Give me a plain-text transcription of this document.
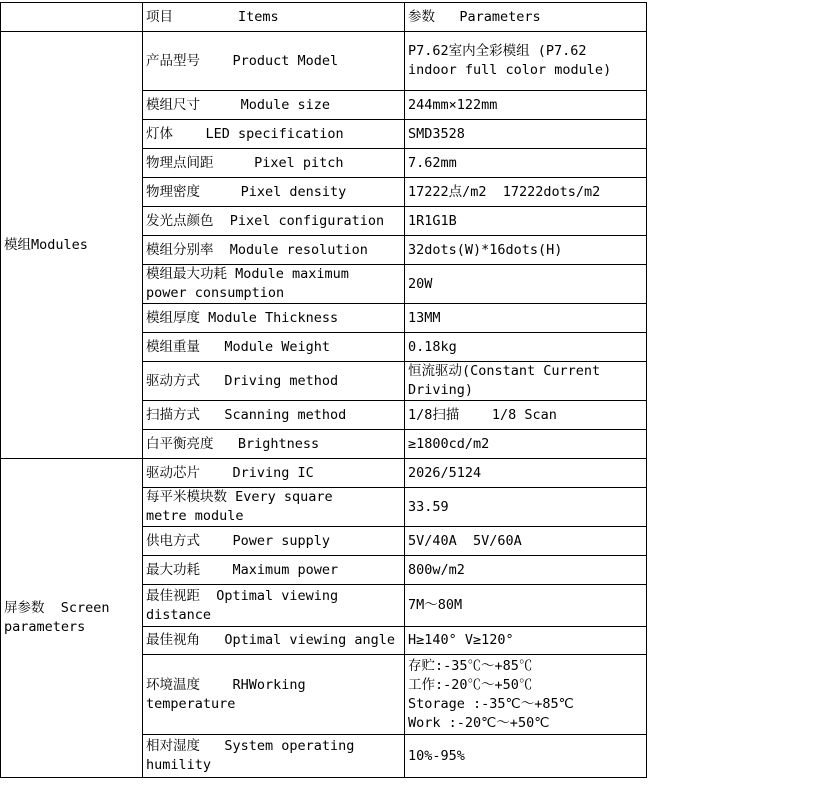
	项目        Items	参数   Parameters
模组Modules	产品型号    Product Model	P7.62室内全彩模组 (P7.62
indoor full color module)
	模组尺寸     Module size	244mm×122mm
	灯体    LED specification	SMD3528
	物理点间距     Pixel pitch	7.62mm
	物理密度     Pixel density	17222点/m2  17222dots/m2
	发光点颜色  Pixel configuration	1R1G1B
	模组分别率  Module resolution	32dots(W)*16dots(H)
	模组最大功耗 Module maximum
power consumption	20W
	模组厚度 Module Thickness	13MM
	模组重量   Module Weight	0.18kg
	驱动方式   Driving method	恒流驱动(Constant Current
Driving)
	扫描方式   Scanning method	1/8扫描    1/8 Scan
	白平衡亮度   Brightness	≥1800cd/m2
屏参数  Screen
parameters	驱动芯片    Driving IC	2026/5124
	每平米模块数 Every square
metre module	33.59
	供电方式    Power supply	5V/40A  5V/60A
	最大功耗    Maximum power	800w/m2
	最佳视距  Optimal viewing
distance	7M～80M
	最佳视角   Optimal viewing angle	H≥140° V≥120°
	环境温度    RHWorking
temperature	存贮:-35℃～+85℃
工作:-20℃～+50℃
Storage :-35℃～+85℃
Work :-20℃～+50℃
	相对湿度   System operating
humility	10%-95%
